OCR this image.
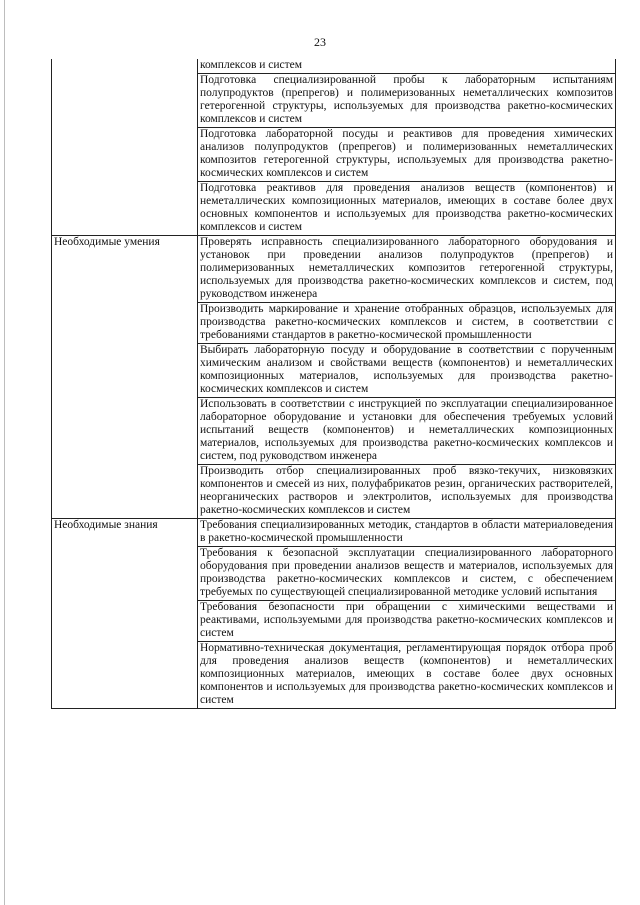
23
	комплексов и систем
	Подготовка специализированной пробы к лабораторным испытаниям полупродуктов (препрегов) и полимеризованных неметаллических композитов гетерогенной структуры, используемых для производства ракетно-космических комплексов и систем
	Подготовка лабораторной посуды и реактивов для проведения химических анализов полупродуктов (препрегов) и полимеризованных неметаллических композитов гетерогенной структуры, используемых для производства ракетно-космических комплексов и систем
	Подготовка реактивов для проведения анализов веществ (компонентов) и неметаллических композиционных материалов, имеющих в составе более двух основных компонентов и используемых для производства ракетно-космических комплексов и систем
Необходимые умения	Проверять исправность специализированного лабораторного оборудования и установок при проведении анализов полупродуктов (препрегов) и полимеризованных неметаллических композитов гетерогенной структуры, используемых для производства ракетно-космических комплексов и систем, под руководством инженера
	Производить маркирование и хранение отобранных образцов, используемых для производства ракетно-космических комплексов и систем, в соответствии с требованиями стандартов в ракетно-космической промышленности
	Выбирать лабораторную посуду и оборудование в соответствии с порученным химическим анализом и свойствами веществ (компонентов) и неметаллических композиционных материалов, используемых для производства ракетно-космических комплексов и систем
	Использовать в соответствии с инструкцией по эксплуатации специализированное лабораторное оборудование и установки для обеспечения требуемых условий испытаний веществ (компонентов) и неметаллических композиционных материалов, используемых для производства ракетно-космических комплексов и систем, под руководством инженера
	Производить отбор специализированных проб вязко-текучих, низковязких компонентов и смесей из них, полуфабрикатов резин, органических растворителей, неорганических растворов и электролитов, используемых для производства ракетно-космических комплексов и систем
Необходимые знания	Требования специализированных методик, стандартов в области материаловедения в ракетно-космической промышленности
	Требования к безопасной эксплуатации специализированного лабораторного оборудования при проведении анализов веществ и материалов, используемых для производства ракетно-космических комплексов и систем, с обеспечением требуемых по существующей специализированной методике условий испытания
	Требования безопасности при обращении с химическими веществами и реактивами, используемыми для производства ракетно-космических комплексов и систем
	Нормативно-техническая документация, регламентирующая порядок отбора проб для проведения анализов веществ (компонентов) и неметаллических композиционных материалов, имеющих в составе более двух основных компонентов и используемых для производства ракетно-космических комплексов и систем
